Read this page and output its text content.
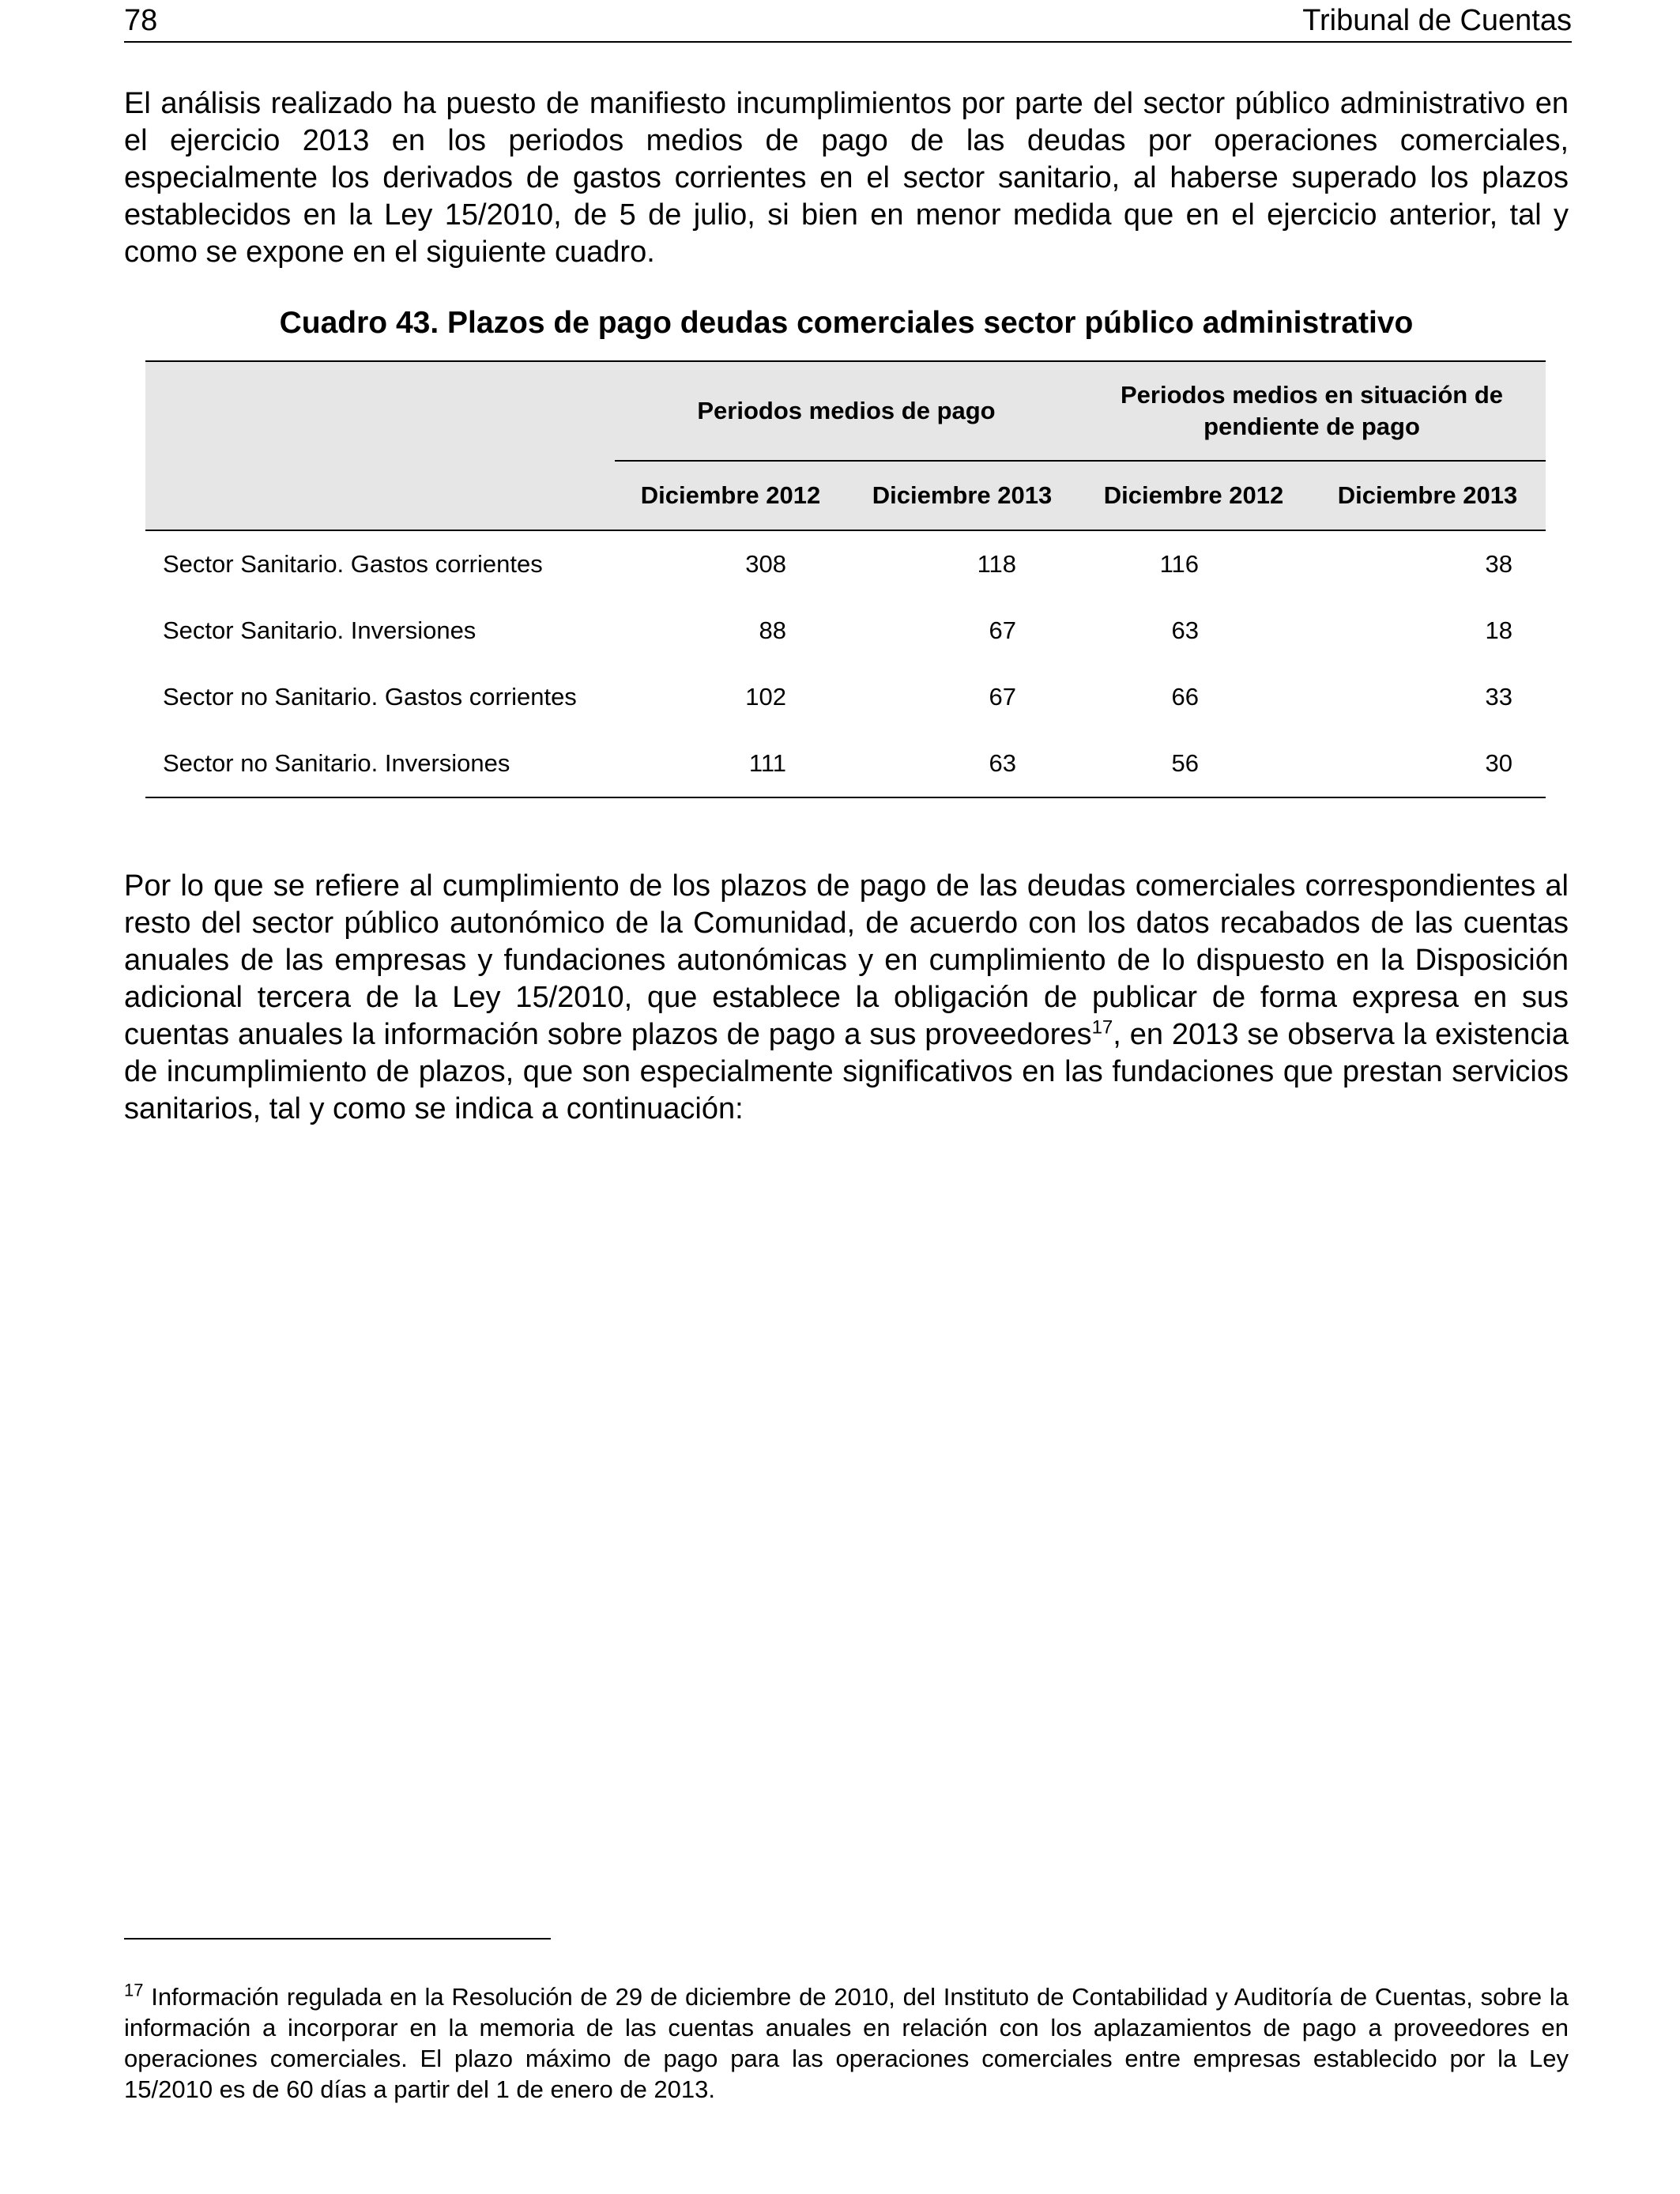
78	Tribunal de Cuentas
El análisis realizado ha puesto de manifiesto incumplimientos por parte del sector público administrativo en el ejercicio 2013 en los periodos medios de pago de las deudas por operaciones comerciales, especialmente los derivados de gastos corrientes en el sector sanitario, al haberse superado los plazos establecidos en la Ley 15/2010, de 5 de julio, si bien en menor medida que en el ejercicio anterior, tal y como se expone en el siguiente cuadro.
Cuadro 43. Plazos de pago deudas comerciales sector público administrativo
	Periodos medios de pago		Periodos medios en situación de pendiente de pago	
	Diciembre 2012	Diciembre 2013	Diciembre 2012	Diciembre 2013
Sector Sanitario. Gastos corrientes	308	118	116	38
Sector Sanitario. Inversiones	88	67	63	18
Sector no Sanitario. Gastos corrientes	102	67	66	33
Sector no Sanitario. Inversiones	111	63	56	30
Por lo que se refiere al cumplimiento de los plazos de pago de las deudas comerciales correspondientes al resto del sector público autonómico de la Comunidad, de acuerdo con los datos recabados de las cuentas anuales de las empresas y fundaciones autonómicas y en cumplimiento de lo dispuesto en la Disposición adicional tercera de la Ley 15/2010, que establece la obligación de publicar de forma expresa en sus cuentas anuales la información sobre plazos de pago a sus proveedores$^{17}$, en 2013 se observa la existencia de incumplimiento de plazos, que son especialmente significativos en las fundaciones que prestan servicios sanitarios, tal y como se indica a continuación:
$^{17}$ Información regulada en la Resolución de 29 de diciembre de 2010, del Instituto de Contabilidad y Auditoría de Cuentas, sobre la información a incorporar en la memoria de las cuentas anuales en relación con los aplazamientos de pago a proveedores en operaciones comerciales. El plazo máximo de pago para las operaciones comerciales entre empresas establecido por la Ley 15/2010 es de 60 días a partir del 1 de enero de 2013.
